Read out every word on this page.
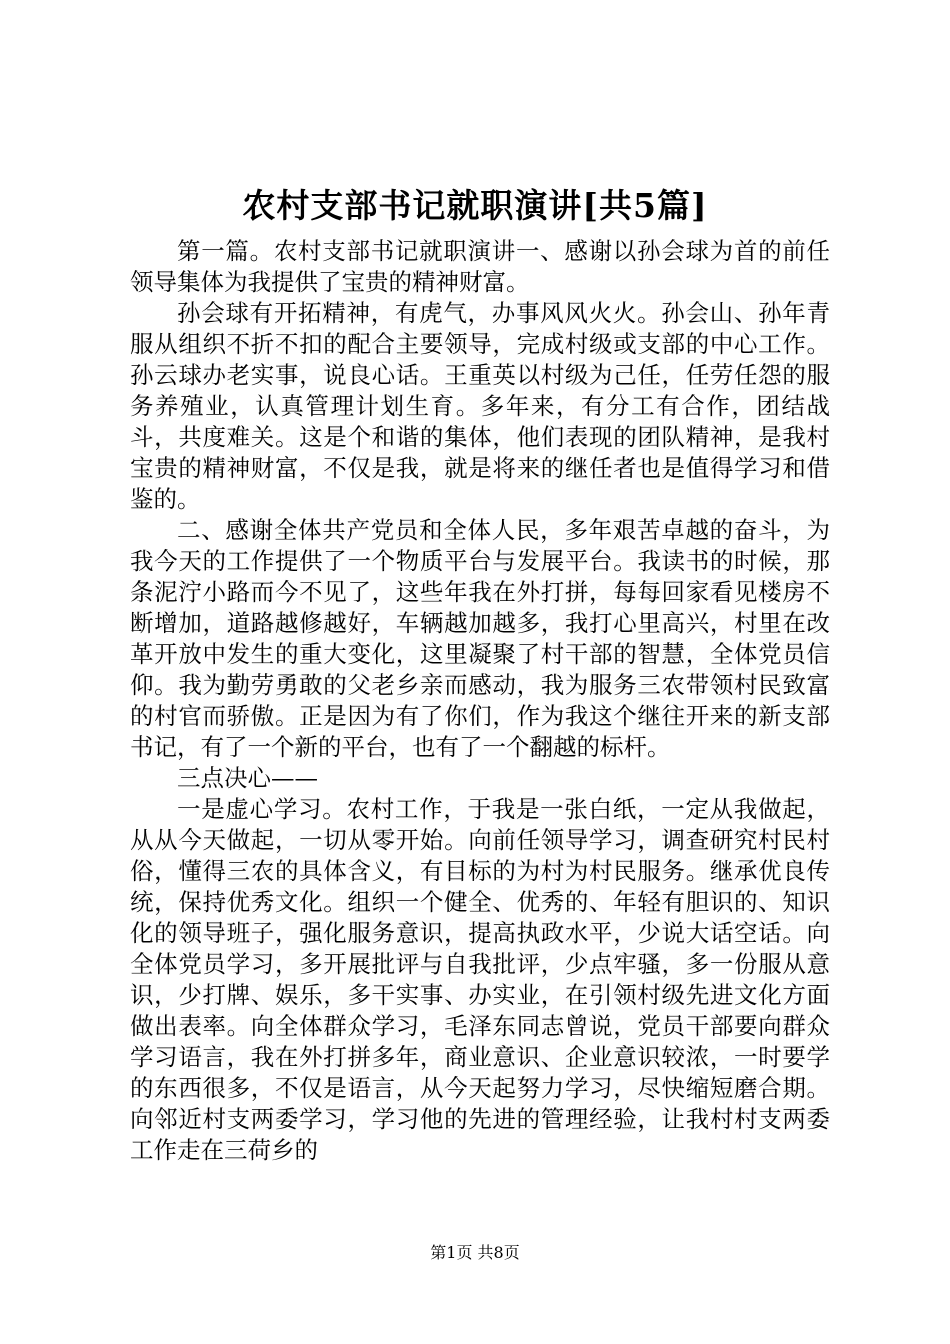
农村支部书记就职演讲[共5篇]

第一篇。农村支部书记就职演讲一、感谢以孙会球为首的前任领导集体为我提供了宝贵的精神财富。

孙会球有开拓精神，有虎气，办事风风火火。孙会山、孙年青服从组织不折不扣的配合主要领导，完成村级或支部的中心工作。孙云球办老实事，说良心话。王重英以村级为己任，任劳任怨的服务养殖业，认真管理计划生育。多年来，有分工有合作，团结战斗，共度难关。这是个和谐的集体，他们表现的团队精神，是我村宝贵的精神财富，不仅是我，就是将来的继任者也是值得学习和借鉴的。

二、感谢全体共产党员和全体人民，多年艰苦卓越的奋斗，为我今天的工作提供了一个物质平台与发展平台。我读书的时候，那条泥泞小路而今不见了，这些年我在外打拼，每每回家看见楼房不断增加，道路越修越好，车辆越加越多，我打心里高兴，村里在改革开放中发生的重大变化，这里凝聚了村干部的智慧，全体党员信仰。我为勤劳勇敢的父老乡亲而感动，我为服务三农带领村民致富的村官而骄傲。正是因为有了你们，作为我这个继往开来的新支部书记，有了一个新的平台，也有了一个翻越的标杆。

三点决心——

一是虚心学习。农村工作，于我是一张白纸，一定从我做起，从从今天做起，一切从零开始。向前任领导学习，调查研究村民村俗，懂得三农的具体含义，有目标的为村为村民服务。继承优良传统，保持优秀文化。组织一个健全、优秀的、年轻有胆识的、知识化的领导班子，强化服务意识，提高执政水平，少说大话空话。向全体党员学习，多开展批评与自我批评，少点牢骚，多一份服从意识，少打牌、娱乐，多干实事、办实业，在引领村级先进文化方面做出表率。向全体群众学习，毛泽东同志曾说，党员干部要向群众学习语言，我在外打拼多年，商业意识、企业意识较浓，一时要学的东西很多，不仅是语言，从今天起努力学习，尽快缩短磨合期。向邻近村支两委学习，学习他的先进的管理经验，让我村村支两委工作走在三荷乡的

第1页 共8页
